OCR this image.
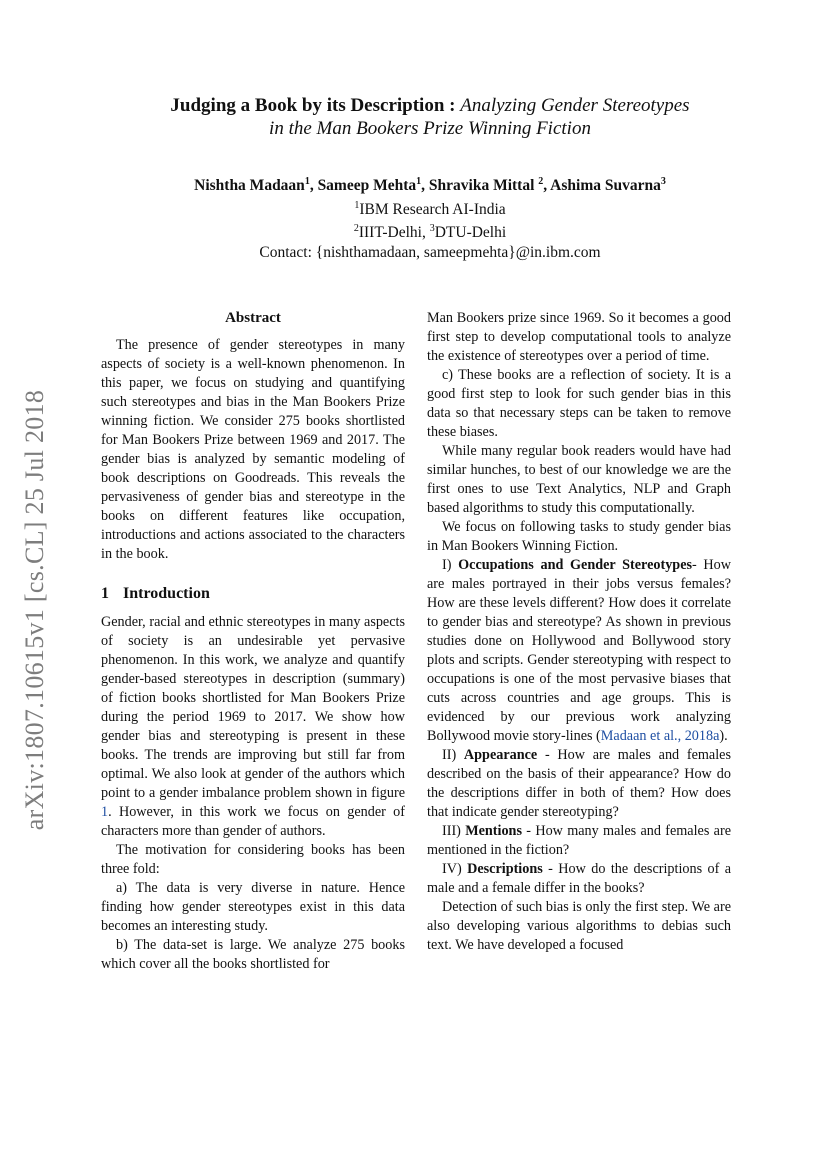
arXiv:1807.10615v1 [cs.CL] 25 Jul 2018
Judging a Book by its Description : Analyzing Gender Stereotypes
in the Man Bookers Prize Winning Fiction
Nishtha Madaan$^1$, Sameep Mehta$^1$, Shravika Mittal $^2$, Ashima Suvarna$^3$
$^1$IBM Research AI-India
$^2$IIIT-Delhi, $^3$DTU-Delhi
Contact: {nishthamadaan, sameepmehta}@in.ibm.com
Abstract

The presence of gender stereotypes in many aspects of society is a well-known phenomenon. In this paper, we focus on studying and quantifying such stereotypes and bias in the Man Bookers Prize winning fiction. We consider 275 books shortlisted for Man Bookers Prize between 1969 and 2017. The gender bias is analyzed by semantic modeling of book descriptions on Goodreads. This reveals the pervasiveness of gender bias and stereotype in the books on different features like occupation, introductions and actions associated to the characters in the book.

1 Introduction

Gender, racial and ethnic stereotypes in many aspects of society is an undesirable yet pervasive phenomenon. In this work, we analyze and quantify gender-based stereotypes in description (summary) of fiction books shortlisted for Man Bookers Prize during the period 1969 to 2017. We show how gender bias and stereotyping is present in these books. The trends are improving but still far from optimal. We also look at gender of the authors which point to a gender imbalance problem shown in figure 1. However, in this work we focus on gender of characters more than gender of authors.

The motivation for considering books has been three fold:

a) The data is very diverse in nature. Hence finding how gender stereotypes exist in this data becomes an interesting study.

b) The data-set is large. We analyze 275 books which cover all the books shortlisted for

Man Bookers prize since 1969. So it becomes a good first step to develop computational tools to analyze the existence of stereotypes over a period of time.

c) These books are a reflection of society. It is a good first step to look for such gender bias in this data so that necessary steps can be taken to remove these biases.

While many regular book readers would have had similar hunches, to best of our knowledge we are the first ones to use Text Analytics, NLP and Graph based algorithms to study this computationally.

We focus on following tasks to study gender bias in Man Bookers Winning Fiction.

I) Occupations and Gender Stereotypes- How are males portrayed in their jobs versus females? How are these levels different? How does it correlate to gender bias and stereotype? As shown in previous studies done on Hollywood and Bollywood story plots and scripts. Gender stereotyping with respect to occupations is one of the most pervasive biases that cuts across countries and age groups. This is evidenced by our previous work analyzing Bollywood movie story-lines (Madaan et al., 2018a).

II) Appearance - How are males and females described on the basis of their appearance? How do the descriptions differ in both of them? How does that indicate gender stereotyping?

III) Mentions - How many males and females are mentioned in the fiction?

IV) Descriptions - How do the descriptions of a male and a female differ in the books?

Detection of such bias is only the first step. We are also developing various algorithms to debias such text. We have developed a focused
